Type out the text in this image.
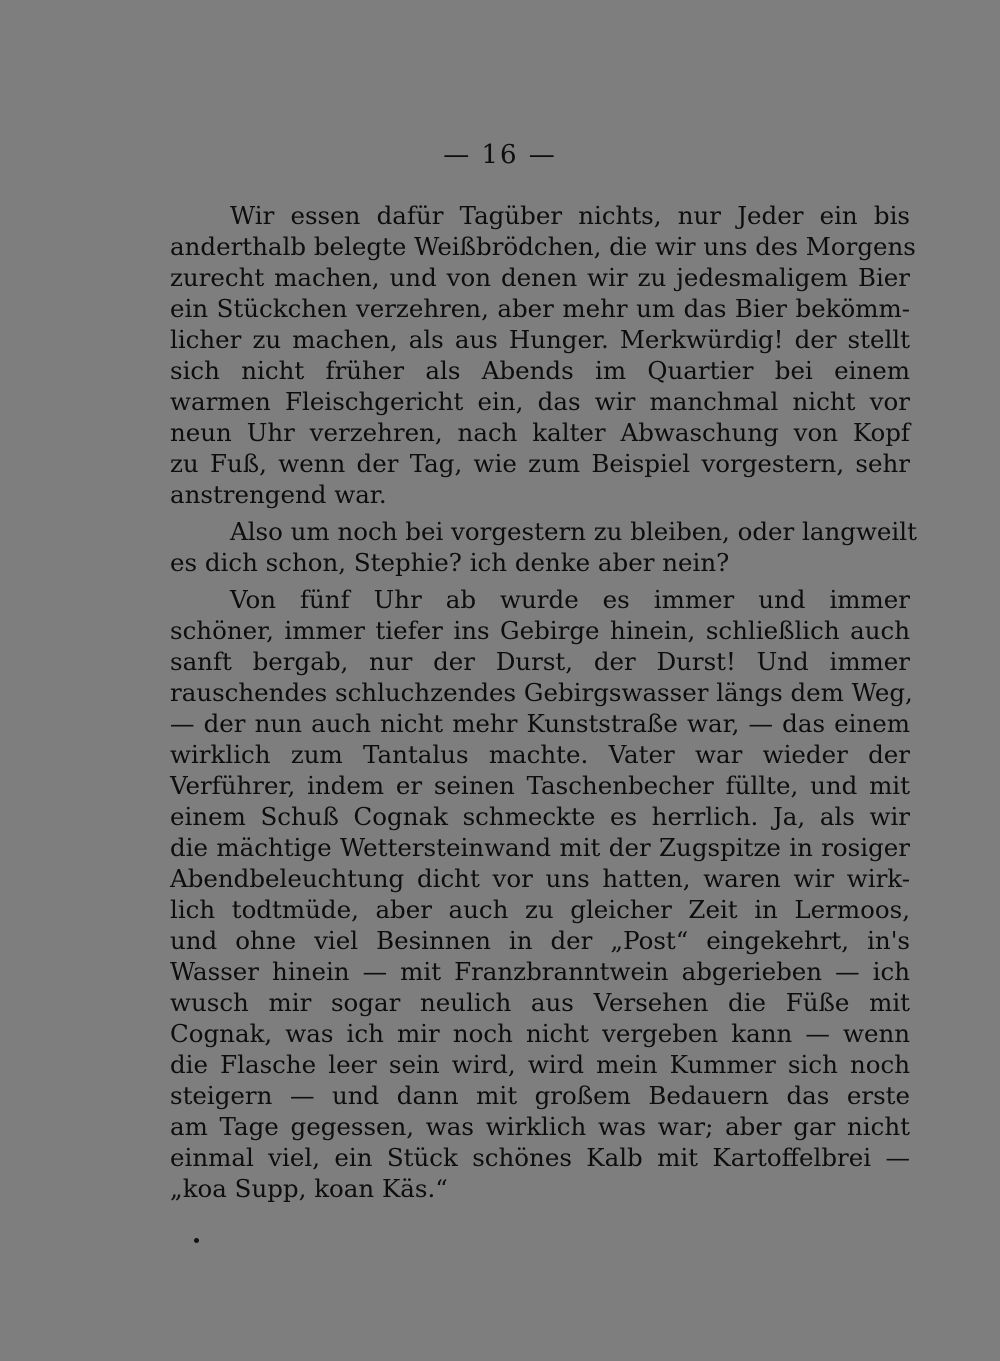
— 16 —
Wir essen dafür Tagüber nichts, nur Jeder ein bis
anderthalb belegte Weißbrödchen, die wir uns des Morgens
zurecht machen, und von denen wir zu jedesmaligem Bier
ein Stückchen verzehren, aber mehr um das Bier bekömm-
licher zu machen, als aus Hunger. Merkwürdig! der stellt
sich nicht früher als Abends im Quartier bei einem
warmen Fleischgericht ein, das wir manchmal nicht vor
neun Uhr verzehren, nach kalter Abwaschung von Kopf
zu Fuß, wenn der Tag, wie zum Beispiel vorgestern, sehr
anstrengend war.
Also um noch bei vorgestern zu bleiben, oder langweilt
es dich schon, Stephie? ich denke aber nein?
Von fünf Uhr ab wurde es immer und immer
schöner, immer tiefer ins Gebirge hinein, schließlich auch
sanft bergab, nur der Durst, der Durst! Und immer
rauschendes schluchzendes Gebirgswasser längs dem Weg,
— der nun auch nicht mehr Kunststraße war, — das einem
wirklich zum Tantalus machte. Vater war wieder der
Verführer, indem er seinen Taschenbecher füllte, und mit
einem Schuß Cognak schmeckte es herrlich. Ja, als wir
die mächtige Wettersteinwand mit der Zugspitze in rosiger
Abendbeleuchtung dicht vor uns hatten, waren wir wirk-
lich todtmüde, aber auch zu gleicher Zeit in Lermoos,
und ohne viel Besinnen in der „Post“ eingekehrt, in's
Wasser hinein — mit Franzbranntwein abgerieben — ich
wusch mir sogar neulich aus Versehen die Füße mit
Cognak, was ich mir noch nicht vergeben kann — wenn
die Flasche leer sein wird, wird mein Kummer sich noch
steigern — und dann mit großem Bedauern das erste
am Tage gegessen, was wirklich was war; aber gar nicht
einmal viel, ein Stück schönes Kalb mit Kartoffelbrei —
„koa Supp, koan Käs.“
